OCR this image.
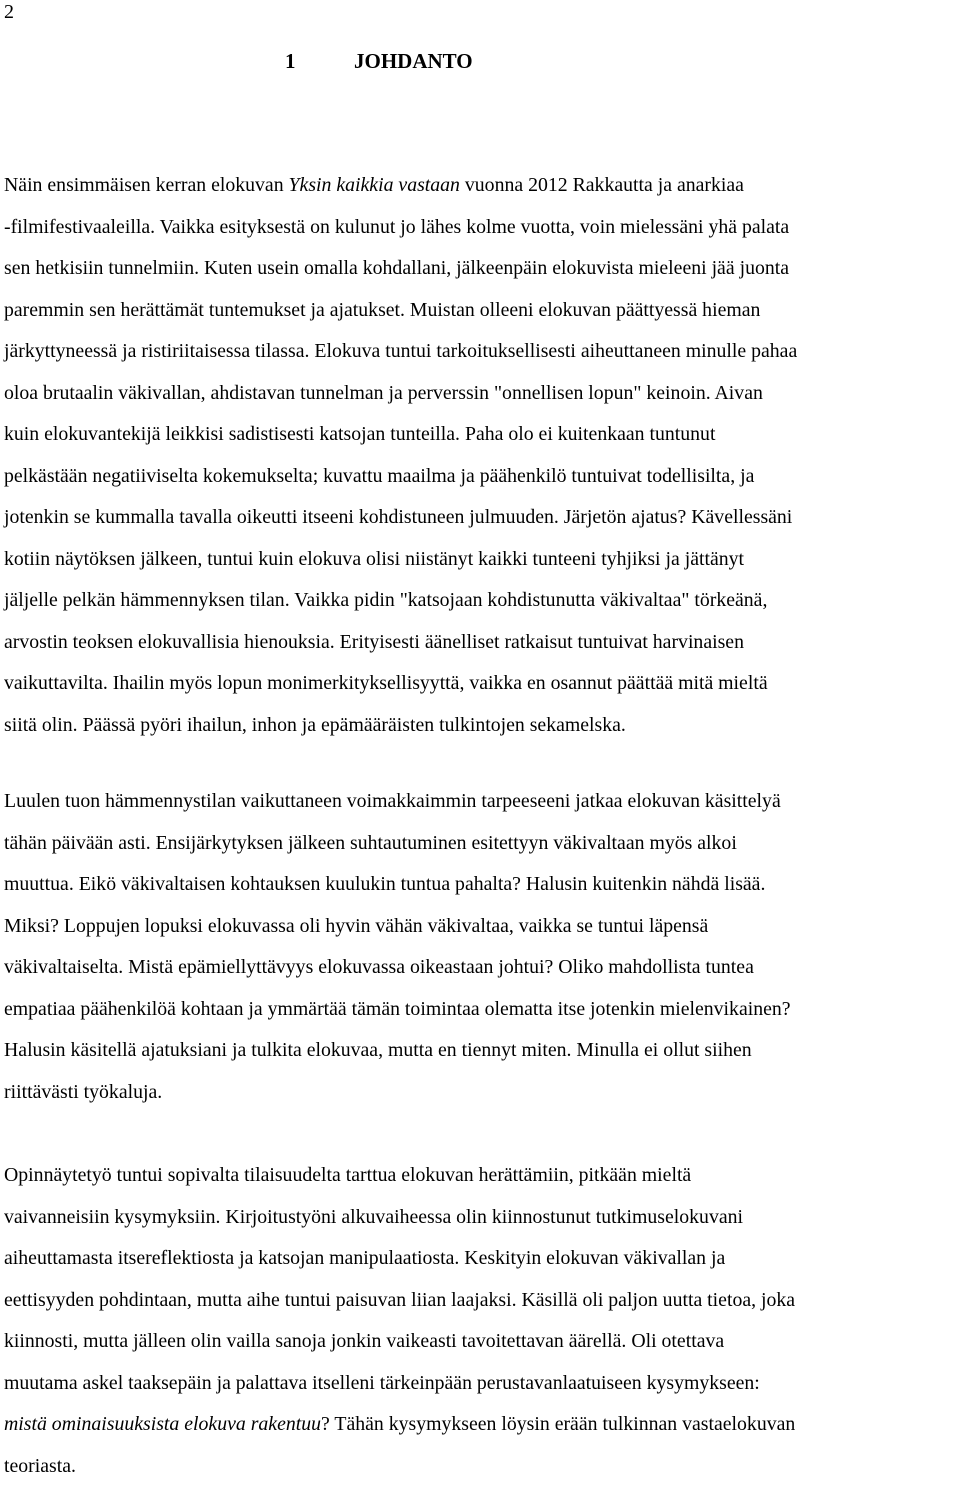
2
1	JOHDANTO
Näin ensimmäisen kerran elokuvan Yksin kaikkia vastaan vuonna 2012 Rakkautta ja anarkiaa
-filmifestivaaleilla. Vaikka esityksestä on kulunut jo lähes kolme vuotta, voin mielessäni yhä palata
sen hetkisiin tunnelmiin. Kuten usein omalla kohdallani, jälkeenpäin elokuvista mieleeni jää juonta
paremmin sen herättämät tuntemukset ja ajatukset. Muistan olleeni elokuvan päättyessä hieman
järkyttyneessä ja ristiriitaisessa tilassa. Elokuva tuntui tarkoituksellisesti aiheuttaneen minulle pahaa
oloa brutaalin väkivallan, ahdistavan tunnelman ja perverssin "onnellisen lopun" keinoin. Aivan
kuin elokuvantekijä leikkisi sadistisesti katsojan tunteilla. Paha olo ei kuitenkaan tuntunut
pelkästään negatiiviselta kokemukselta; kuvattu maailma ja päähenkilö tuntuivat todellisilta, ja
jotenkin se kummalla tavalla oikeutti itseeni kohdistuneen julmuuden. Järjetön ajatus? Kävellessäni
kotiin näytöksen jälkeen, tuntui kuin elokuva olisi niistänyt kaikki tunteeni tyhjiksi ja jättänyt
jäljelle pelkän hämmennyksen tilan. Vaikka pidin "katsojaan kohdistunutta väkivaltaa" törkeänä,
arvostin teoksen elokuvallisia hienouksia. Erityisesti äänelliset ratkaisut tuntuivat harvinaisen
vaikuttavilta. Ihailin myös lopun monimerkityksellisyyttä, vaikka en osannut päättää mitä mieltä
siitä olin. Päässä pyöri ihailun, inhon ja epämääräisten tulkintojen sekamelska.
Luulen tuon hämmennystilan vaikuttaneen voimakkaimmin tarpeeseeni jatkaa elokuvan käsittelyä
tähän päivään asti. Ensijärkytyksen jälkeen suhtautuminen esitettyyn väkivaltaan myös alkoi
muuttua. Eikö väkivaltaisen kohtauksen kuulukin tuntua pahalta? Halusin kuitenkin nähdä lisää.
Miksi? Loppujen lopuksi elokuvassa oli hyvin vähän väkivaltaa, vaikka se tuntui läpensä
väkivaltaiselta. Mistä epämiellyttävyys elokuvassa oikeastaan johtui? Oliko mahdollista tuntea
empatiaa päähenkilöä kohtaan ja ymmärtää tämän toimintaa olematta itse jotenkin mielenvikainen?
Halusin käsitellä ajatuksiani ja tulkita elokuvaa, mutta en tiennyt miten. Minulla ei ollut siihen
riittävästi työkaluja.
Opinnäytetyö tuntui sopivalta tilaisuudelta tarttua elokuvan herättämiin, pitkään mieltä
vaivanneisiin kysymyksiin. Kirjoitustyöni alkuvaiheessa olin kiinnostunut tutkimuselokuvani
aiheuttamasta itsereflektiosta ja katsojan manipulaatiosta. Keskityin elokuvan väkivallan ja
eettisyyden pohdintaan, mutta aihe tuntui paisuvan liian laajaksi. Käsillä oli paljon uutta tietoa, joka
kiinnosti, mutta jälleen olin vailla sanoja jonkin vaikeasti tavoitettavan äärellä. Oli otettava
muutama askel taaksepäin ja palattava itselleni tärkeinpään perustavanlaatuiseen kysymykseen:
mistä ominaisuuksista elokuva rakentuu? Tähän kysymykseen löysin erään tulkinnan vastaelokuvan
teoriasta.
